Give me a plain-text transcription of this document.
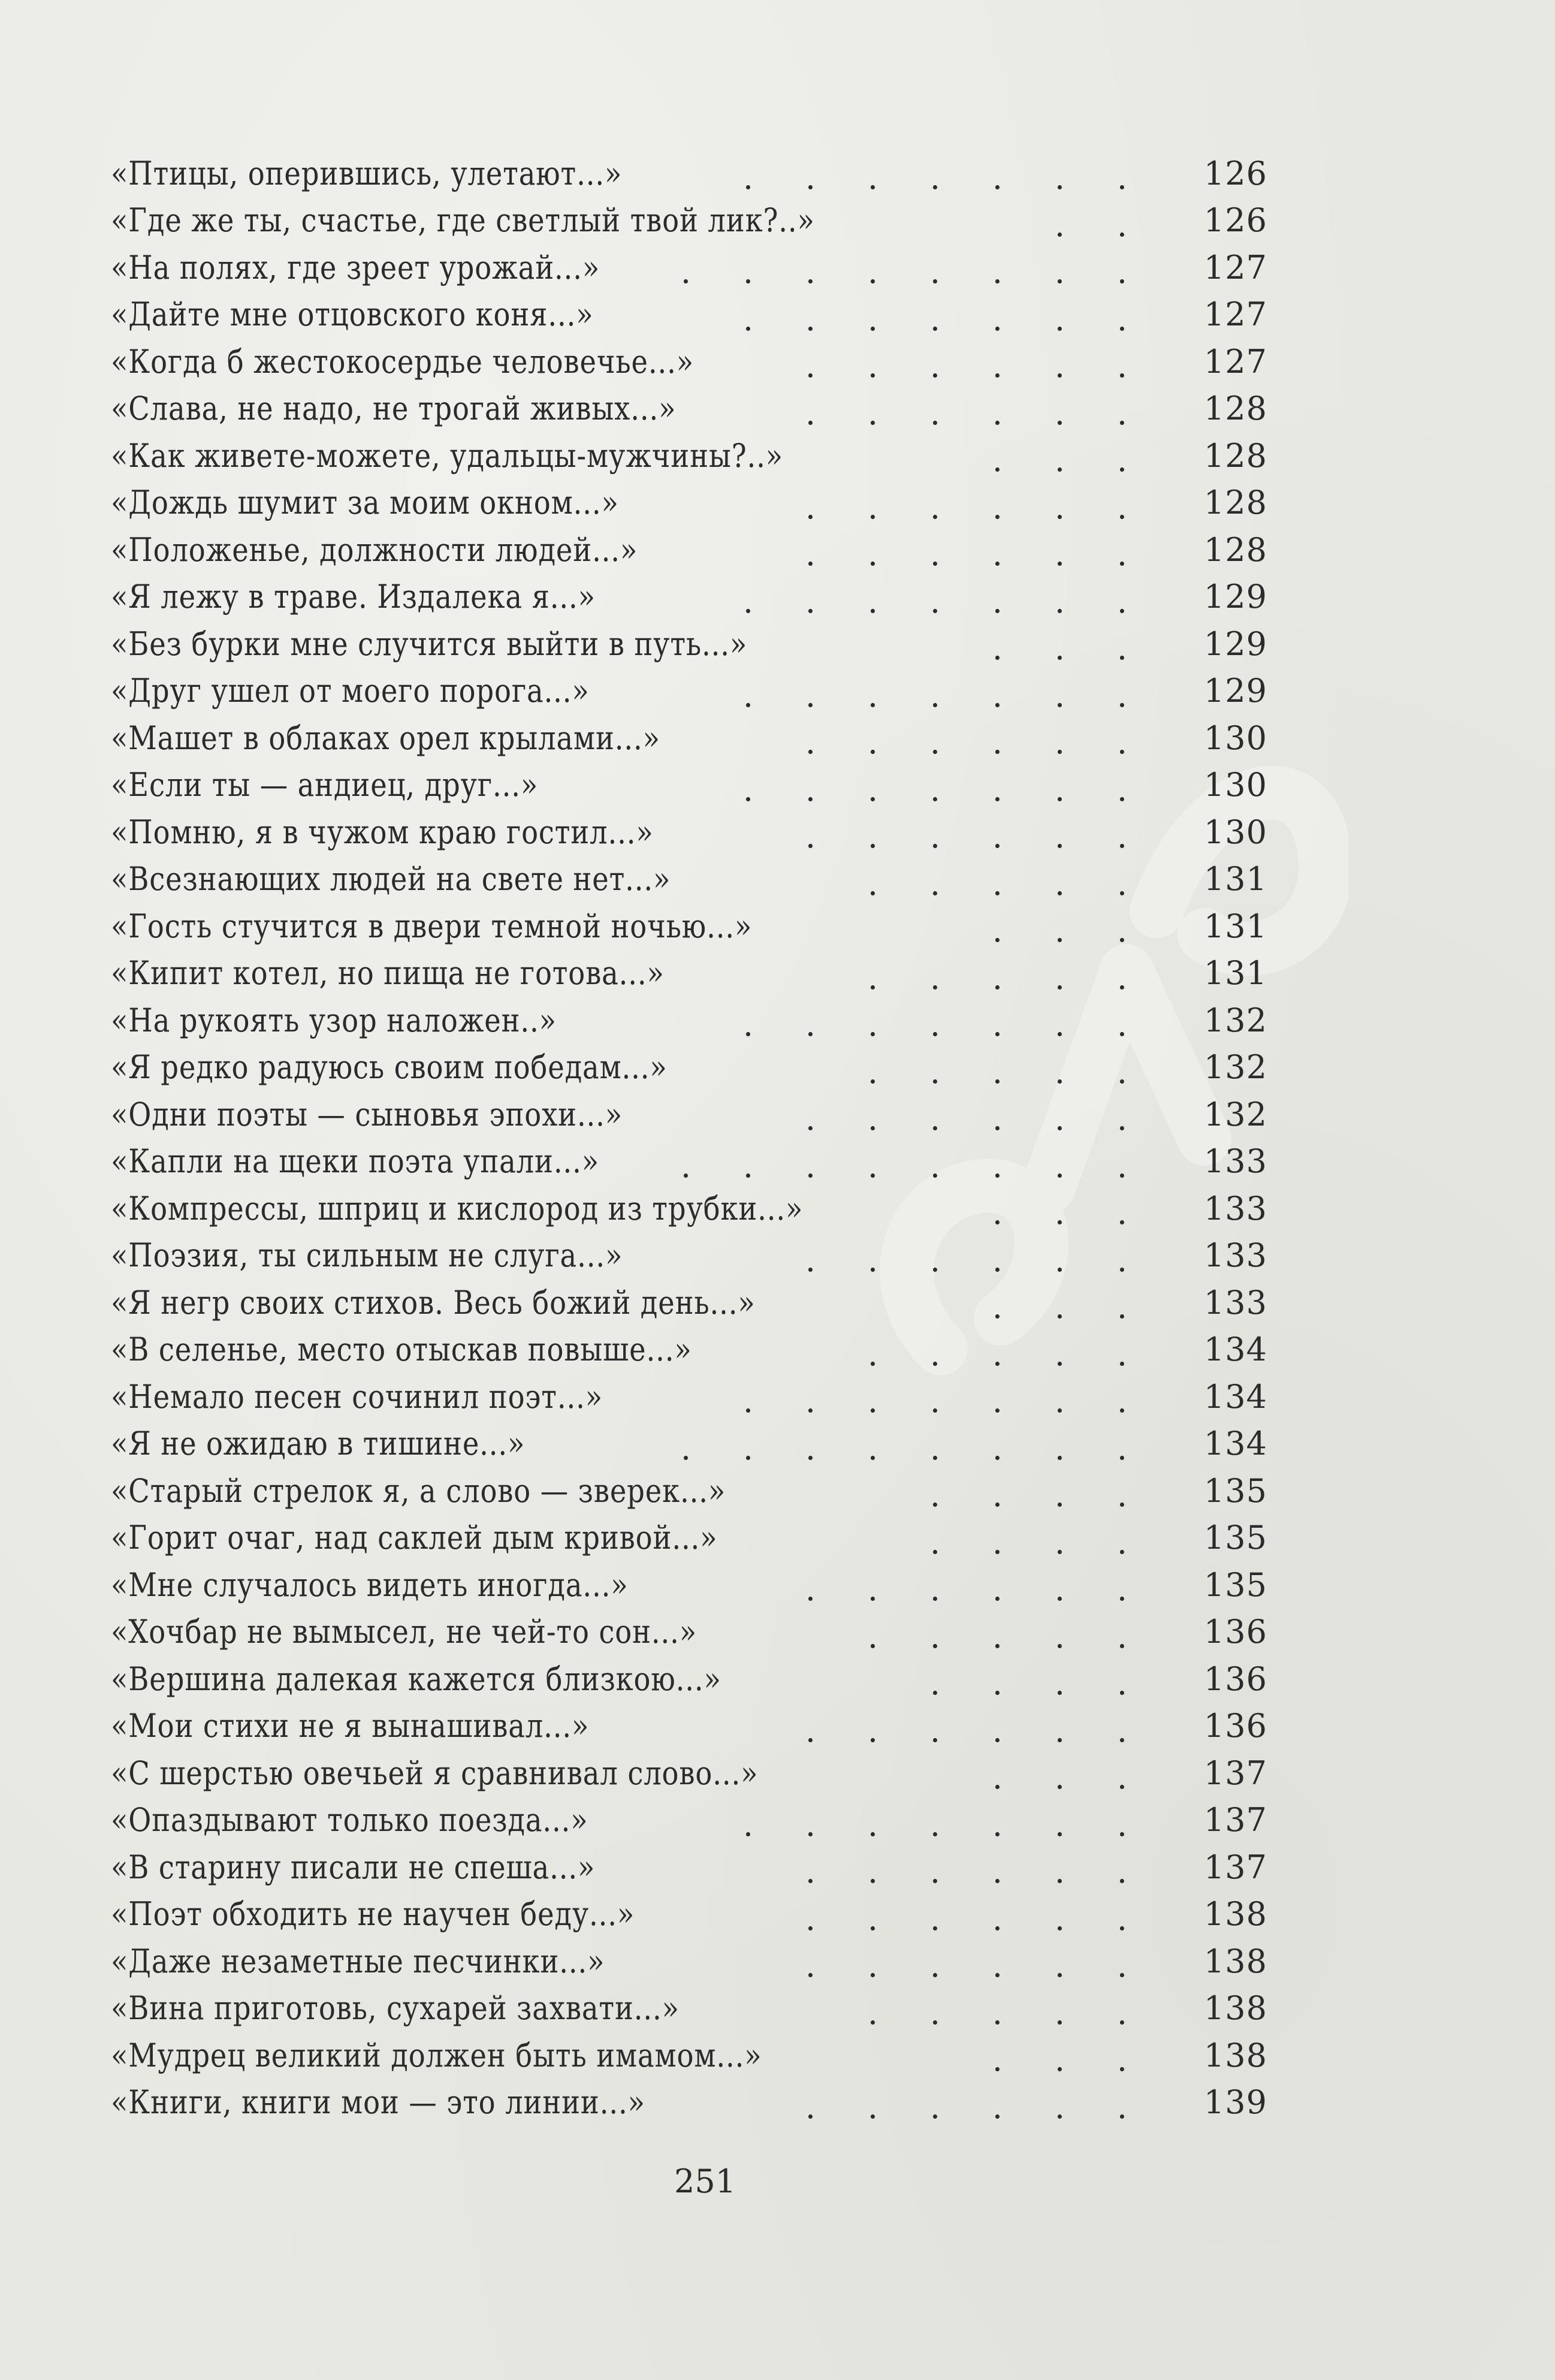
«Птицы, оперившись, улетают...»	.	.	.	.	.	.	.	126
«Где же ты, счастье, где светлый твой лик?..»	.	.	126
«На полях, где зреет урожай...»	.	.	.	.	.	.	.	.	127
«Дайте мне отцовского коня...»	.	.	.	.	.	.	.	127
«Когда б жестокосердье человечье...»	.	.	.	.	.	.	127
«Слава, не надо, не трогай живых...»	.	.	.	.	.	.	128
«Как живете-можете, удальцы-мужчины?..»	.	.	.	128
«Дождь шумит за моим окном...»	.	.	.	.	.	.	128
«Положенье, должности людей...»	.	.	.	.	.	.	128
«Я лежу в траве. Издалека я...»	.	.	.	.	.	.	.	129
«Без бурки мне случится выйти в путь...»	.	.	.	129
«Друг ушел от моего порога...»	.	.	.	.	.	.	.	129
«Машет в облаках орел крылами...»	.	.	.	.	.	.	130
«Если ты — андиец, друг...»	.	.	.	.	.	.	.	130
«Помню, я в чужом краю гостил...»	.	.	.	.	.	.	130
«Всезнающих людей на свете нет...»	.	.	.	.	.	131
«Гость стучится в двери темной ночью...»	.	.	.	131
«Кипит котел, но пища не готова...»	.	.	.	.	.	131
«На рукоять узор наложен..»	.	.	.	.	.	.	.	132
«Я редко радуюсь своим победам...»	.	.	.	.	.	132
«Одни поэты — сыновья эпохи...»	.	.	.	.	.	.	132
«Капли на щеки поэта упали...»	.	.	.	.	.	.	.	.	133
«Компрессы, шприц и кислород из трубки...»	.	.	.	133
«Поэзия, ты сильным не слуга...»	.	.	.	.	.	.	133
«Я негр своих стихов. Весь божий день...»	.	.	.	133
«В селенье, место отыскав повыше...»	.	.	.	.	.	134
«Немало песен сочинил поэт...»	.	.	.	.	.	.	.	134
«Я не ожидаю в тишине...»	.	.	.	.	.	.	.	.	134
«Старый стрелок я, а слово — зверек...»	.	.	.	.	135
«Горит очаг, над саклей дым кривой...»	.	.	.	.	135
«Мне случалось видеть иногда...»	.	.	.	.	.	.	135
«Хочбар не вымысел, не чей-то сон...»	.	.	.	.	.	136
«Вершина далекая кажется близкою...»	.	.	.	.	136
«Мои стихи не я вынашивал...»	.	.	.	.	.	.	136
«С шерстью овечьей я сравнивал слово...»	.	.	.	137
«Опаздывают только поезда...»	.	.	.	.	.	.	.	137
«В старину писали не спеша...»	.	.	.	.	.	.	137
«Поэт обходить не научен беду...»	.	.	.	.	.	.	138
«Даже незаметные песчинки...»	.	.	.	.	.	.	138
«Вина приготовь, сухарей захвати...»	.	.	.	.	.	138
«Мудрец великий должен быть имамом...»	.	.	.	138
«Книги, книги мои — это линии...»	.	.	.	.	.	.	139
251
